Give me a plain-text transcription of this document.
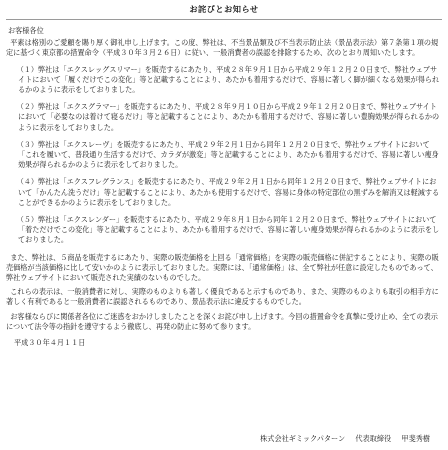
お詫びとお知らせ

お客様各位

平素は格別のご愛顧を賜り厚く御礼申し上げます。この度、弊社は、不当景品類及び不当表示防止法（景品表示法）第７条第１項の規定に基づく東京都の措置命令（平成３０年３月２６日）に従い、一般消費者の誤認を排除するため、次のとおり周知いたします。

（１）弊社は「エクスレッグスリマー」を販売するにあたり、平成２８年９月１日から平成２９年１２月２０日まで、弊社ウェブサイトにおいて「履くだけでこの変化」等と記載することにより、あたかも着用するだけで、容易に著しく脚が細くなる効果が得られるかのように表示をしておりました。

（２）弊社は「エクスグラマー」を販売するにあたり、平成２８年９月１０日から平成２９年１２月２０日まで、弊社ウェブサイトにおいて「必要なのは着けて寝るだけ」等と記載することにより、あたかも着用するだけで、容易に著しい豊胸効果が得られるかのように表示をしておりました。

（３）弊社は「エクスレーヴ」を販売するにあたり、平成２９年２月１日から同年１２月２０日まで、弊社ウェブサイトにおいて「これを履いて、普段通り生活するだけで、カラダが激変」等と記載することにより、あたかも着用するだけで、容易に著しい痩身効果が得られるかのように表示をしておりました。

（４）弊社は「エクスフレグランス」を販売するにあたり、平成２９年２月１日から同年１２月２０日まで、弊社ウェブサイトにおいて「かんたん洗うだけ」等と記載することにより、あたかも使用するだけで、容易に身体の特定部位の黒ずみを解消又は軽減することができるかのように表示をしておりました。

（５）弊社は「エクスレンダー」を販売するにあたり、平成２９年８月１日から同年１２月２０日まで、弊社ウェブサイトにおいて「着ただけでこの変化」等と記載することにより、あたかも着用するだけで、容易に著しい痩身効果が得られるかのように表示をしておりました。

また、弊社は、５商品を販売するにあたり、実際の販売価格を上回る「通常価格」を実際の販売価格に併記することにより、実際の販売価格が当該価格に比して安いかのように表示しておりました。実際には、「通常価格」は、全て弊社が任意に設定したものであって、弊社ウェブサイトにおいて販売された実績のないものでした。

これらの表示は、一般消費者に対し、実際のものよりも著しく優良であると示すものであり、また、実際のものよりも取引の相手方に著しく有利であると一般消費者に誤認されるものであり、景品表示法に違反するものでした。

お客様ならびに関係者各位にご迷惑をおかけしましたことを深くお詫び申し上げます。今回の措置命令を真摯に受け止め、全ての表示について法令等の指針を遵守するよう徹底し、再発の防止に努めて参ります。

平成３０年４月１１日

株式会社ギミックパターン 代表取締役 甲斐秀樹
